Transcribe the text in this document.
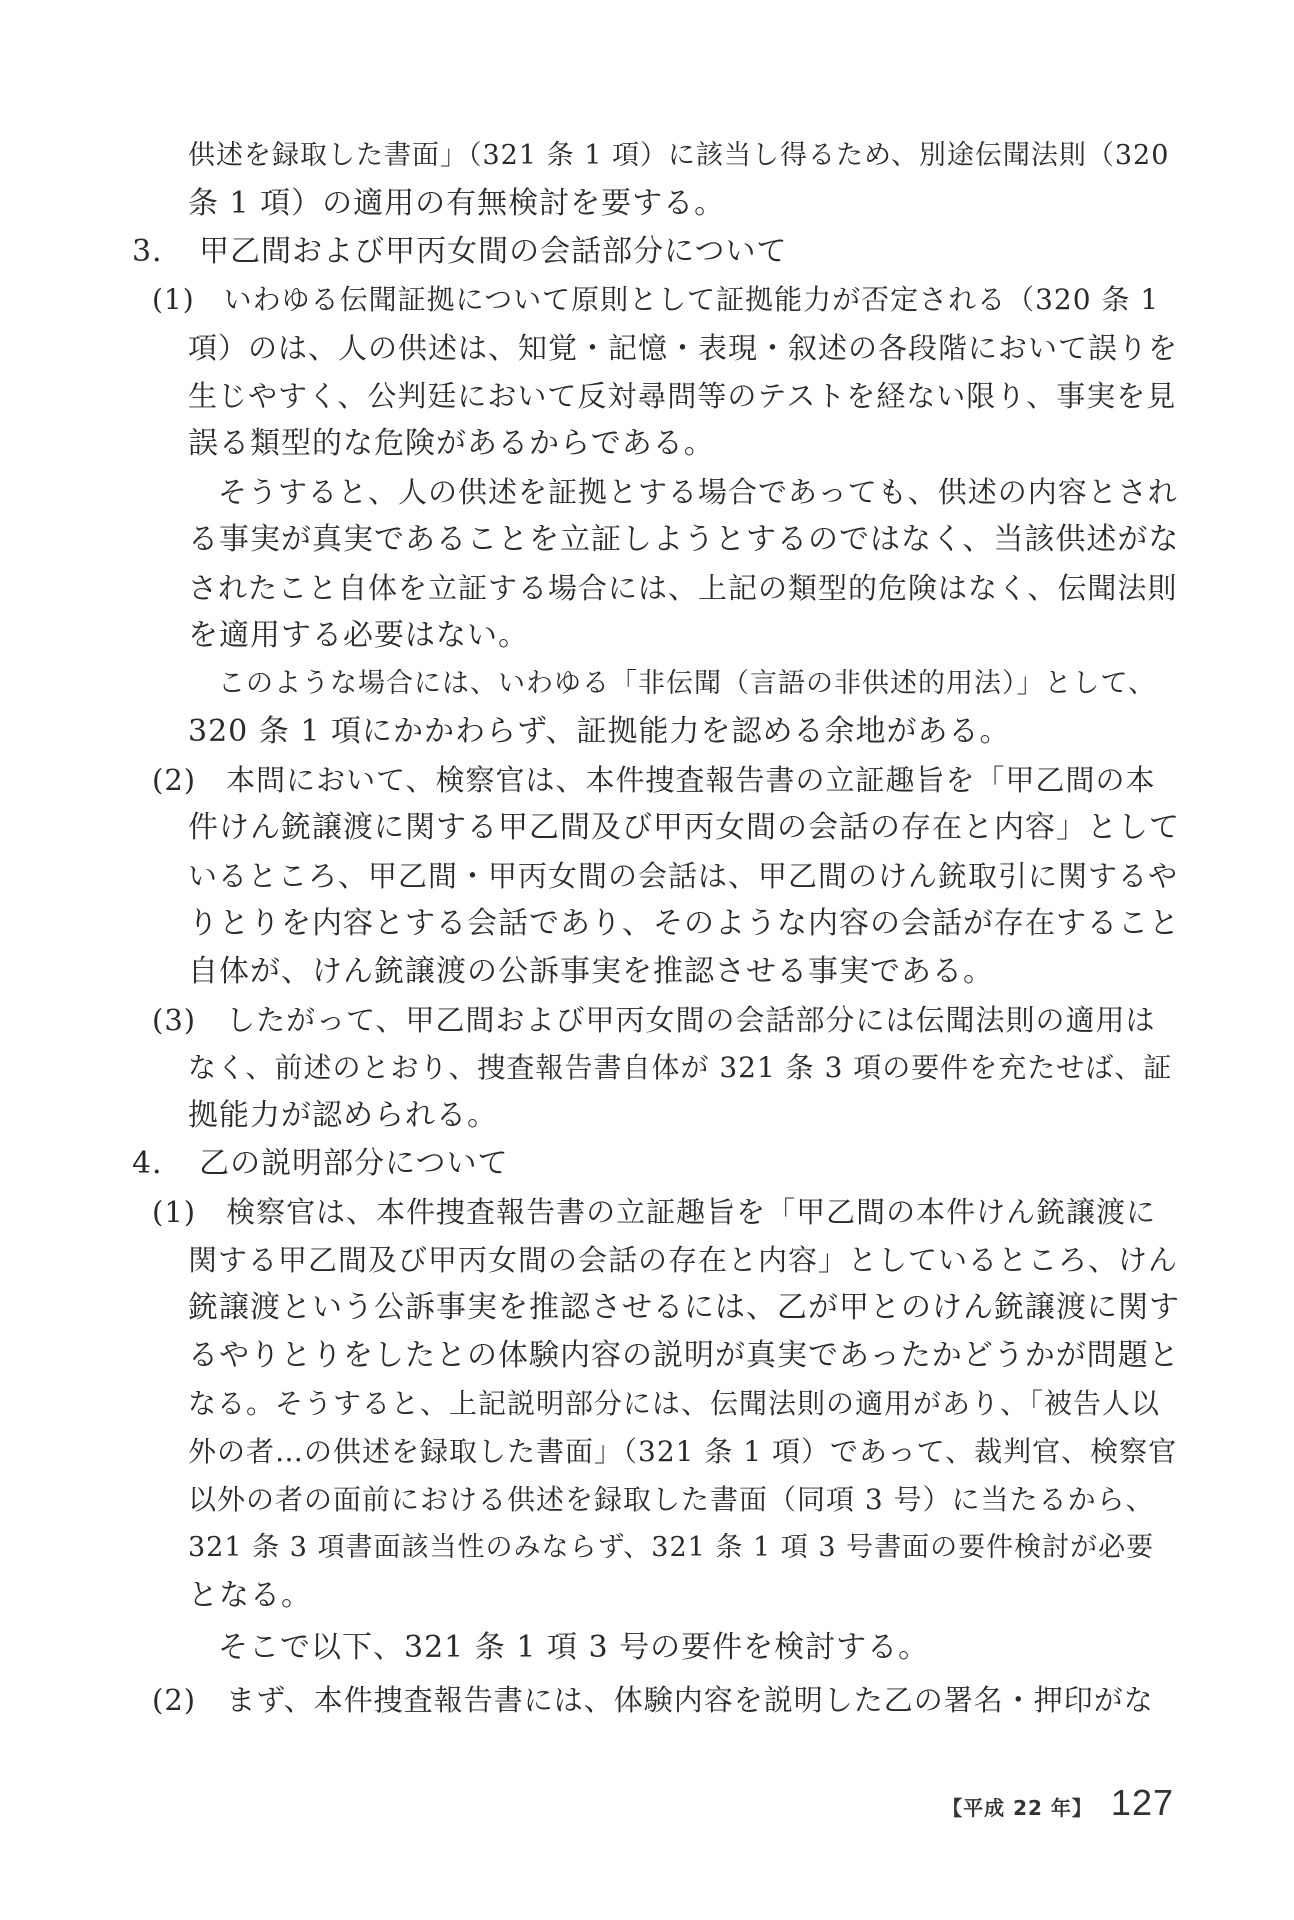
供述を録取した書面」（321 条 1 項）に該当し得るため、別途伝聞法則（320
条 1 項）の適用の有無検討を要する。
3．　甲乙間および甲丙女間の会話部分について
(1)　いわゆる伝聞証拠について原則として証拠能力が否定される（320 条 1
項）のは、人の供述は、知覚・記憶・表現・叙述の各段階において誤りを
生じやすく、公判廷において反対尋問等のテストを経ない限り、事実を見
誤る類型的な危険があるからである。
そうすると、人の供述を証拠とする場合であっても、供述の内容とされ
る事実が真実であることを立証しようとするのではなく、当該供述がな
されたこと自体を立証する場合には、上記の類型的危険はなく、伝聞法則
を適用する必要はない。
このような場合には、いわゆる「非伝聞（言語の非供述的用法）」として、
320 条 1 項にかかわらず、証拠能力を認める余地がある。
(2)　本問において、検察官は、本件捜査報告書の立証趣旨を「甲乙間の本
件けん銃譲渡に関する甲乙間及び甲丙女間の会話の存在と内容」として
いるところ、甲乙間・甲丙女間の会話は、甲乙間のけん銃取引に関するや
りとりを内容とする会話であり、そのような内容の会話が存在すること
自体が、けん銃譲渡の公訴事実を推認させる事実である。
(3)　したがって、甲乙間および甲丙女間の会話部分には伝聞法則の適用は
なく、前述のとおり、捜査報告書自体が 321 条 3 項の要件を充たせば、証
拠能力が認められる。
4．　乙の説明部分について
(1)　検察官は、本件捜査報告書の立証趣旨を「甲乙間の本件けん銃譲渡に
関する甲乙間及び甲丙女間の会話の存在と内容」としているところ、けん
銃譲渡という公訴事実を推認させるには、乙が甲とのけん銃譲渡に関す
るやりとりをしたとの体験内容の説明が真実であったかどうかが問題と
なる。そうすると、上記説明部分には、伝聞法則の適用があり、「被告人以
外の者…の供述を録取した書面」（321 条 1 項）であって、裁判官、検察官
以外の者の面前における供述を録取した書面（同項 3 号）に当たるから、
321 条 3 項書面該当性のみならず、321 条 1 項 3 号書面の要件検討が必要
となる。
そこで以下、321 条 1 項 3 号の要件を検討する。
(2)　まず、本件捜査報告書には、体験内容を説明した乙の署名・押印がな
【平成 22 年】 127
